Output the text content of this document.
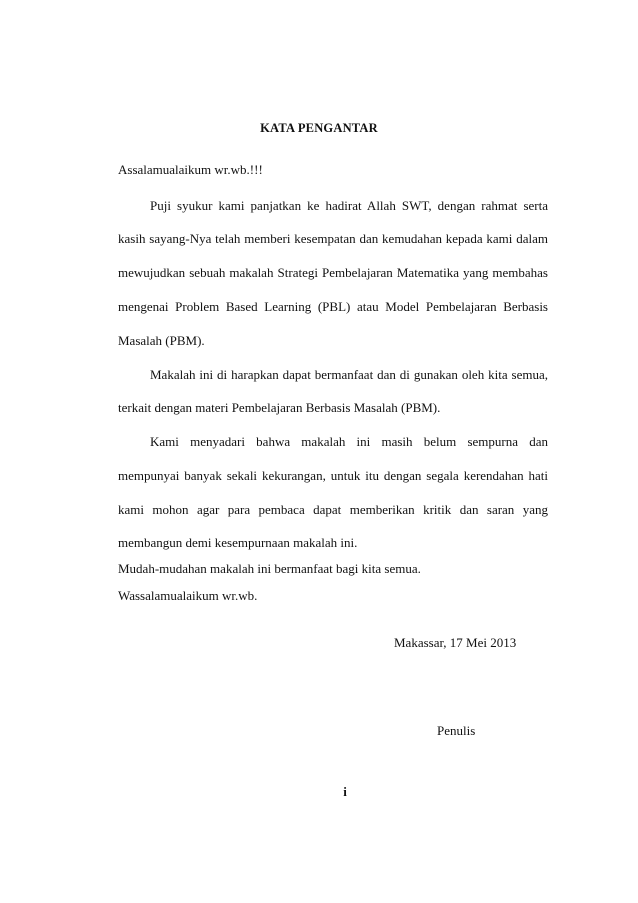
KATA PENGANTAR
Assalamualaikum wr.wb.!!!
Puji syukur kami panjatkan ke hadirat Allah SWT, dengan rahmat serta
kasih sayang-Nya telah memberi kesempatan dan kemudahan kepada kami dalam
mewujudkan sebuah makalah Strategi Pembelajaran Matematika yang membahas
mengenai Problem Based Learning (PBL) atau Model Pembelajaran Berbasis
Masalah (PBM).
Makalah ini di harapkan dapat bermanfaat dan di gunakan oleh kita semua,
terkait dengan materi Pembelajaran Berbasis Masalah (PBM).
Kami menyadari bahwa makalah ini masih belum sempurna dan
mempunyai banyak sekali kekurangan, untuk itu dengan segala kerendahan hati
kami mohon agar para pembaca dapat memberikan kritik dan saran yang
membangun demi kesempurnaan makalah ini.
Mudah-mudahan makalah ini bermanfaat bagi kita semua.
Wassalamualaikum wr.wb.
Makassar, 17 Mei 2013
Penulis
i
